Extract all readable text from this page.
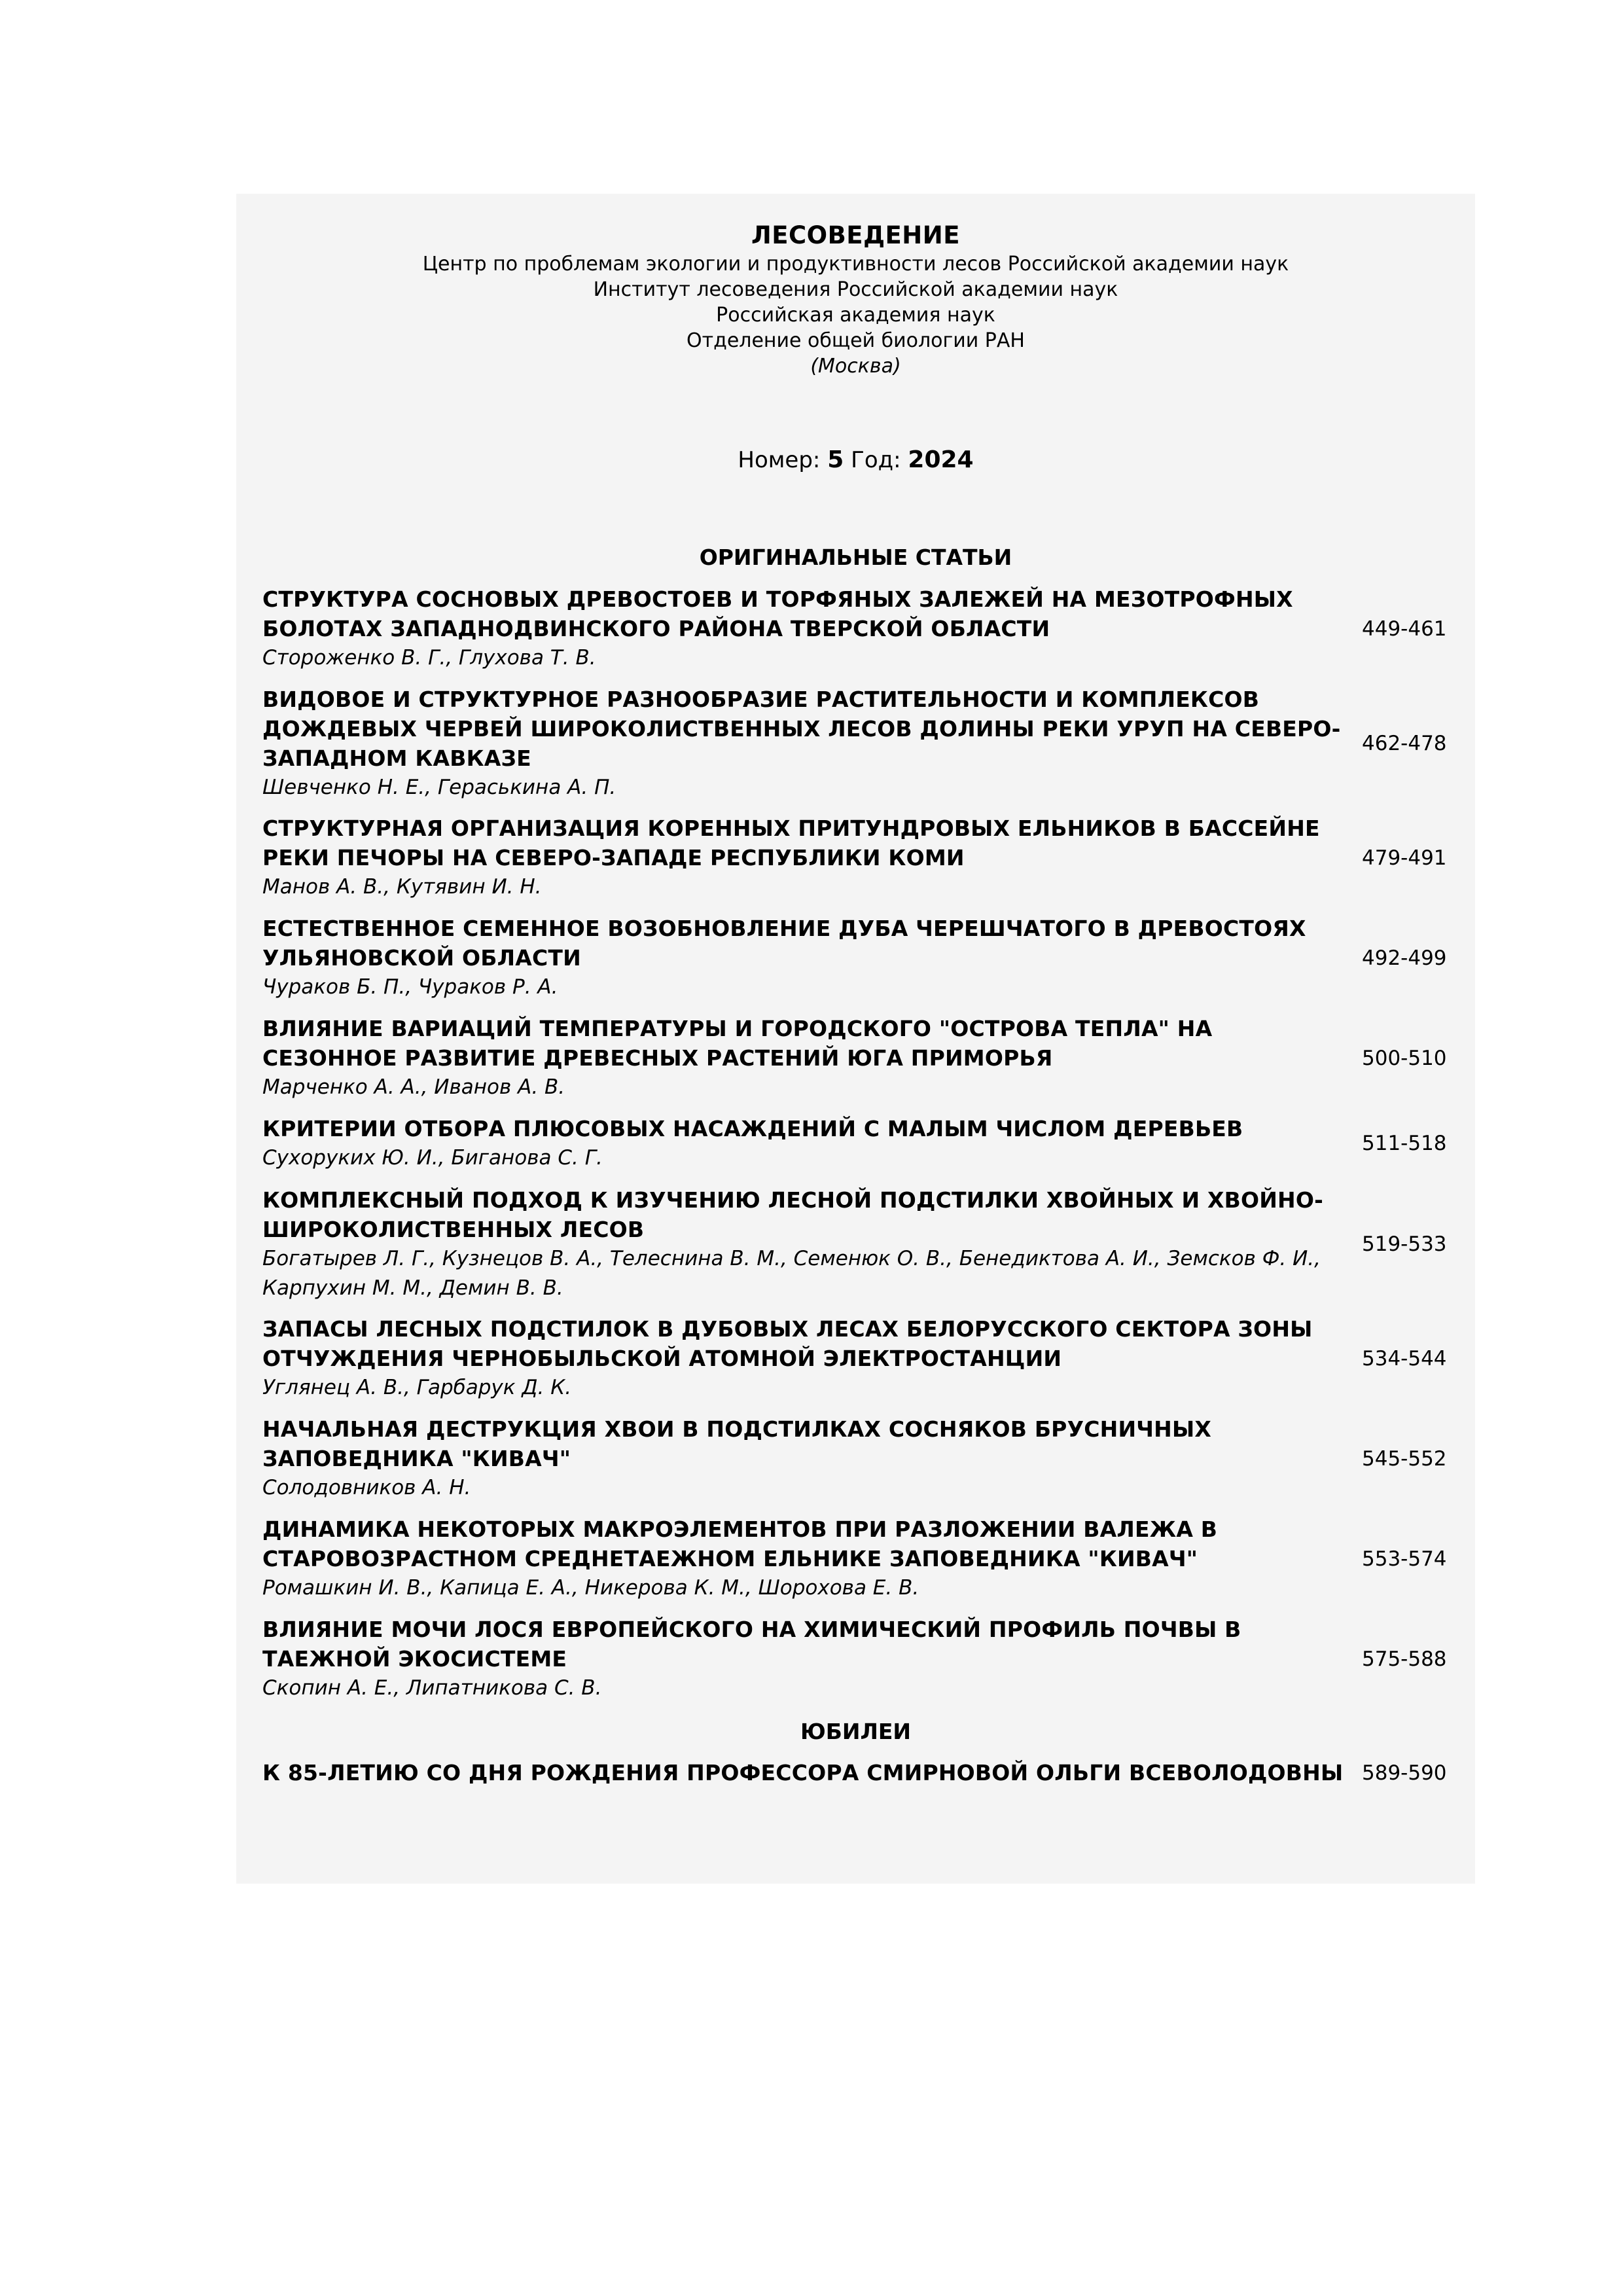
ЛЕСОВЕДЕНИЕ
Центр по проблемам экологии и продуктивности лесов Российской академии наук
Институт лесоведения Российской академии наук
Российская академия наук
Отделение общей биологии РАН
(Москва)
Номер: 5 Год: 2024
ОРИГИНАЛЬНЫЕ СТАТЬИ
СТРУКТУРА СОСНОВЫХ ДРЕВОСТОЕВ И ТОРФЯНЫХ ЗАЛЕЖЕЙ НА МЕЗОТРОФНЫХ БОЛОТАХ ЗАПАДНОДВИНСКОГО РАЙОНА ТВЕРСКОЙ ОБЛАСТИ
Стороженко В. Г., Глухова Т. В.
449-461
ВИДОВОЕ И СТРУКТУРНОЕ РАЗНООБРАЗИЕ РАСТИТЕЛЬНОСТИ И КОМПЛЕКСОВ ДОЖДЕВЫХ ЧЕРВЕЙ ШИРОКОЛИСТВЕННЫХ ЛЕСОВ ДОЛИНЫ РЕКИ УРУП НА СЕВЕРО-ЗАПАДНОМ КАВКАЗЕ
Шевченко Н. Е., Гераськина А. П.
462-478
СТРУКТУРНАЯ ОРГАНИЗАЦИЯ КОРЕННЫХ ПРИТУНДРОВЫХ ЕЛЬНИКОВ В БАССЕЙНЕ РЕКИ ПЕЧОРЫ НА СЕВЕРО-ЗАПАДЕ РЕСПУБЛИКИ КОМИ
Манов А. В., Кутявин И. Н.
479-491
ЕСТЕСТВЕННОЕ СЕМЕННОЕ ВОЗОБНОВЛЕНИЕ ДУБА ЧЕРЕШЧАТОГО В ДРЕВОСТОЯХ УЛЬЯНОВСКОЙ ОБЛАСТИ
Чураков Б. П., Чураков Р. А.
492-499
ВЛИЯНИЕ ВАРИАЦИЙ ТЕМПЕРАТУРЫ И ГОРОДСКОГО "ОСТРОВА ТЕПЛА" НА СЕЗОННОЕ РАЗВИТИЕ ДРЕВЕСНЫХ РАСТЕНИЙ ЮГА ПРИМОРЬЯ
Марченко А. А., Иванов А. В.
500-510
КРИТЕРИИ ОТБОРА ПЛЮСОВЫХ НАСАЖДЕНИЙ С МАЛЫМ ЧИСЛОМ ДЕРЕВЬЕВ
Сухоруких Ю. И., Биганова С. Г.
511-518
КОМПЛЕКСНЫЙ ПОДХОД К ИЗУЧЕНИЮ ЛЕСНОЙ ПОДСТИЛКИ ХВОЙНЫХ И ХВОЙНО-ШИРОКОЛИСТВЕННЫХ ЛЕСОВ
Богатырев Л. Г., Кузнецов В. А., Телеснина В. М., Семенюк О. В., Бенедиктова А. И., Земсков Ф. И., Карпухин М. М., Демин В. В.
519-533
ЗАПАСЫ ЛЕСНЫХ ПОДСТИЛОК В ДУБОВЫХ ЛЕСАХ БЕЛОРУССКОГО СЕКТОРА ЗОНЫ ОТЧУЖДЕНИЯ ЧЕРНОБЫЛЬСКОЙ АТОМНОЙ ЭЛЕКТРОСТАНЦИИ
Углянец А. В., Гарбарук Д. К.
534-544
НАЧАЛЬНАЯ ДЕСТРУКЦИЯ ХВОИ В ПОДСТИЛКАХ СОСНЯКОВ БРУСНИЧНЫХ ЗАПОВЕДНИКА "КИВАЧ"
Солодовников А. Н.
545-552
ДИНАМИКА НЕКОТОРЫХ МАКРОЭЛЕМЕНТОВ ПРИ РАЗЛОЖЕНИИ ВАЛЕЖА В СТАРОВОЗРАСТНОМ СРЕДНЕТАЕЖНОМ ЕЛЬНИКЕ ЗАПОВЕДНИКА "КИВАЧ"
Ромашкин И. В., Капица Е. А., Никерова К. М., Шорохова Е. В.
553-574
ВЛИЯНИЕ МОЧИ ЛОСЯ ЕВРОПЕЙСКОГО НА ХИМИЧЕСКИЙ ПРОФИЛЬ ПОЧВЫ В ТАЕЖНОЙ ЭКОСИСТЕМЕ
Скопин А. Е., Липатникова С. В.
575-588
ЮБИЛЕИ
К 85-ЛЕТИЮ СО ДНЯ РОЖДЕНИЯ ПРОФЕССОРА СМИРНОВОЙ ОЛЬГИ ВСЕВОЛОДОВНЫ 589-590
